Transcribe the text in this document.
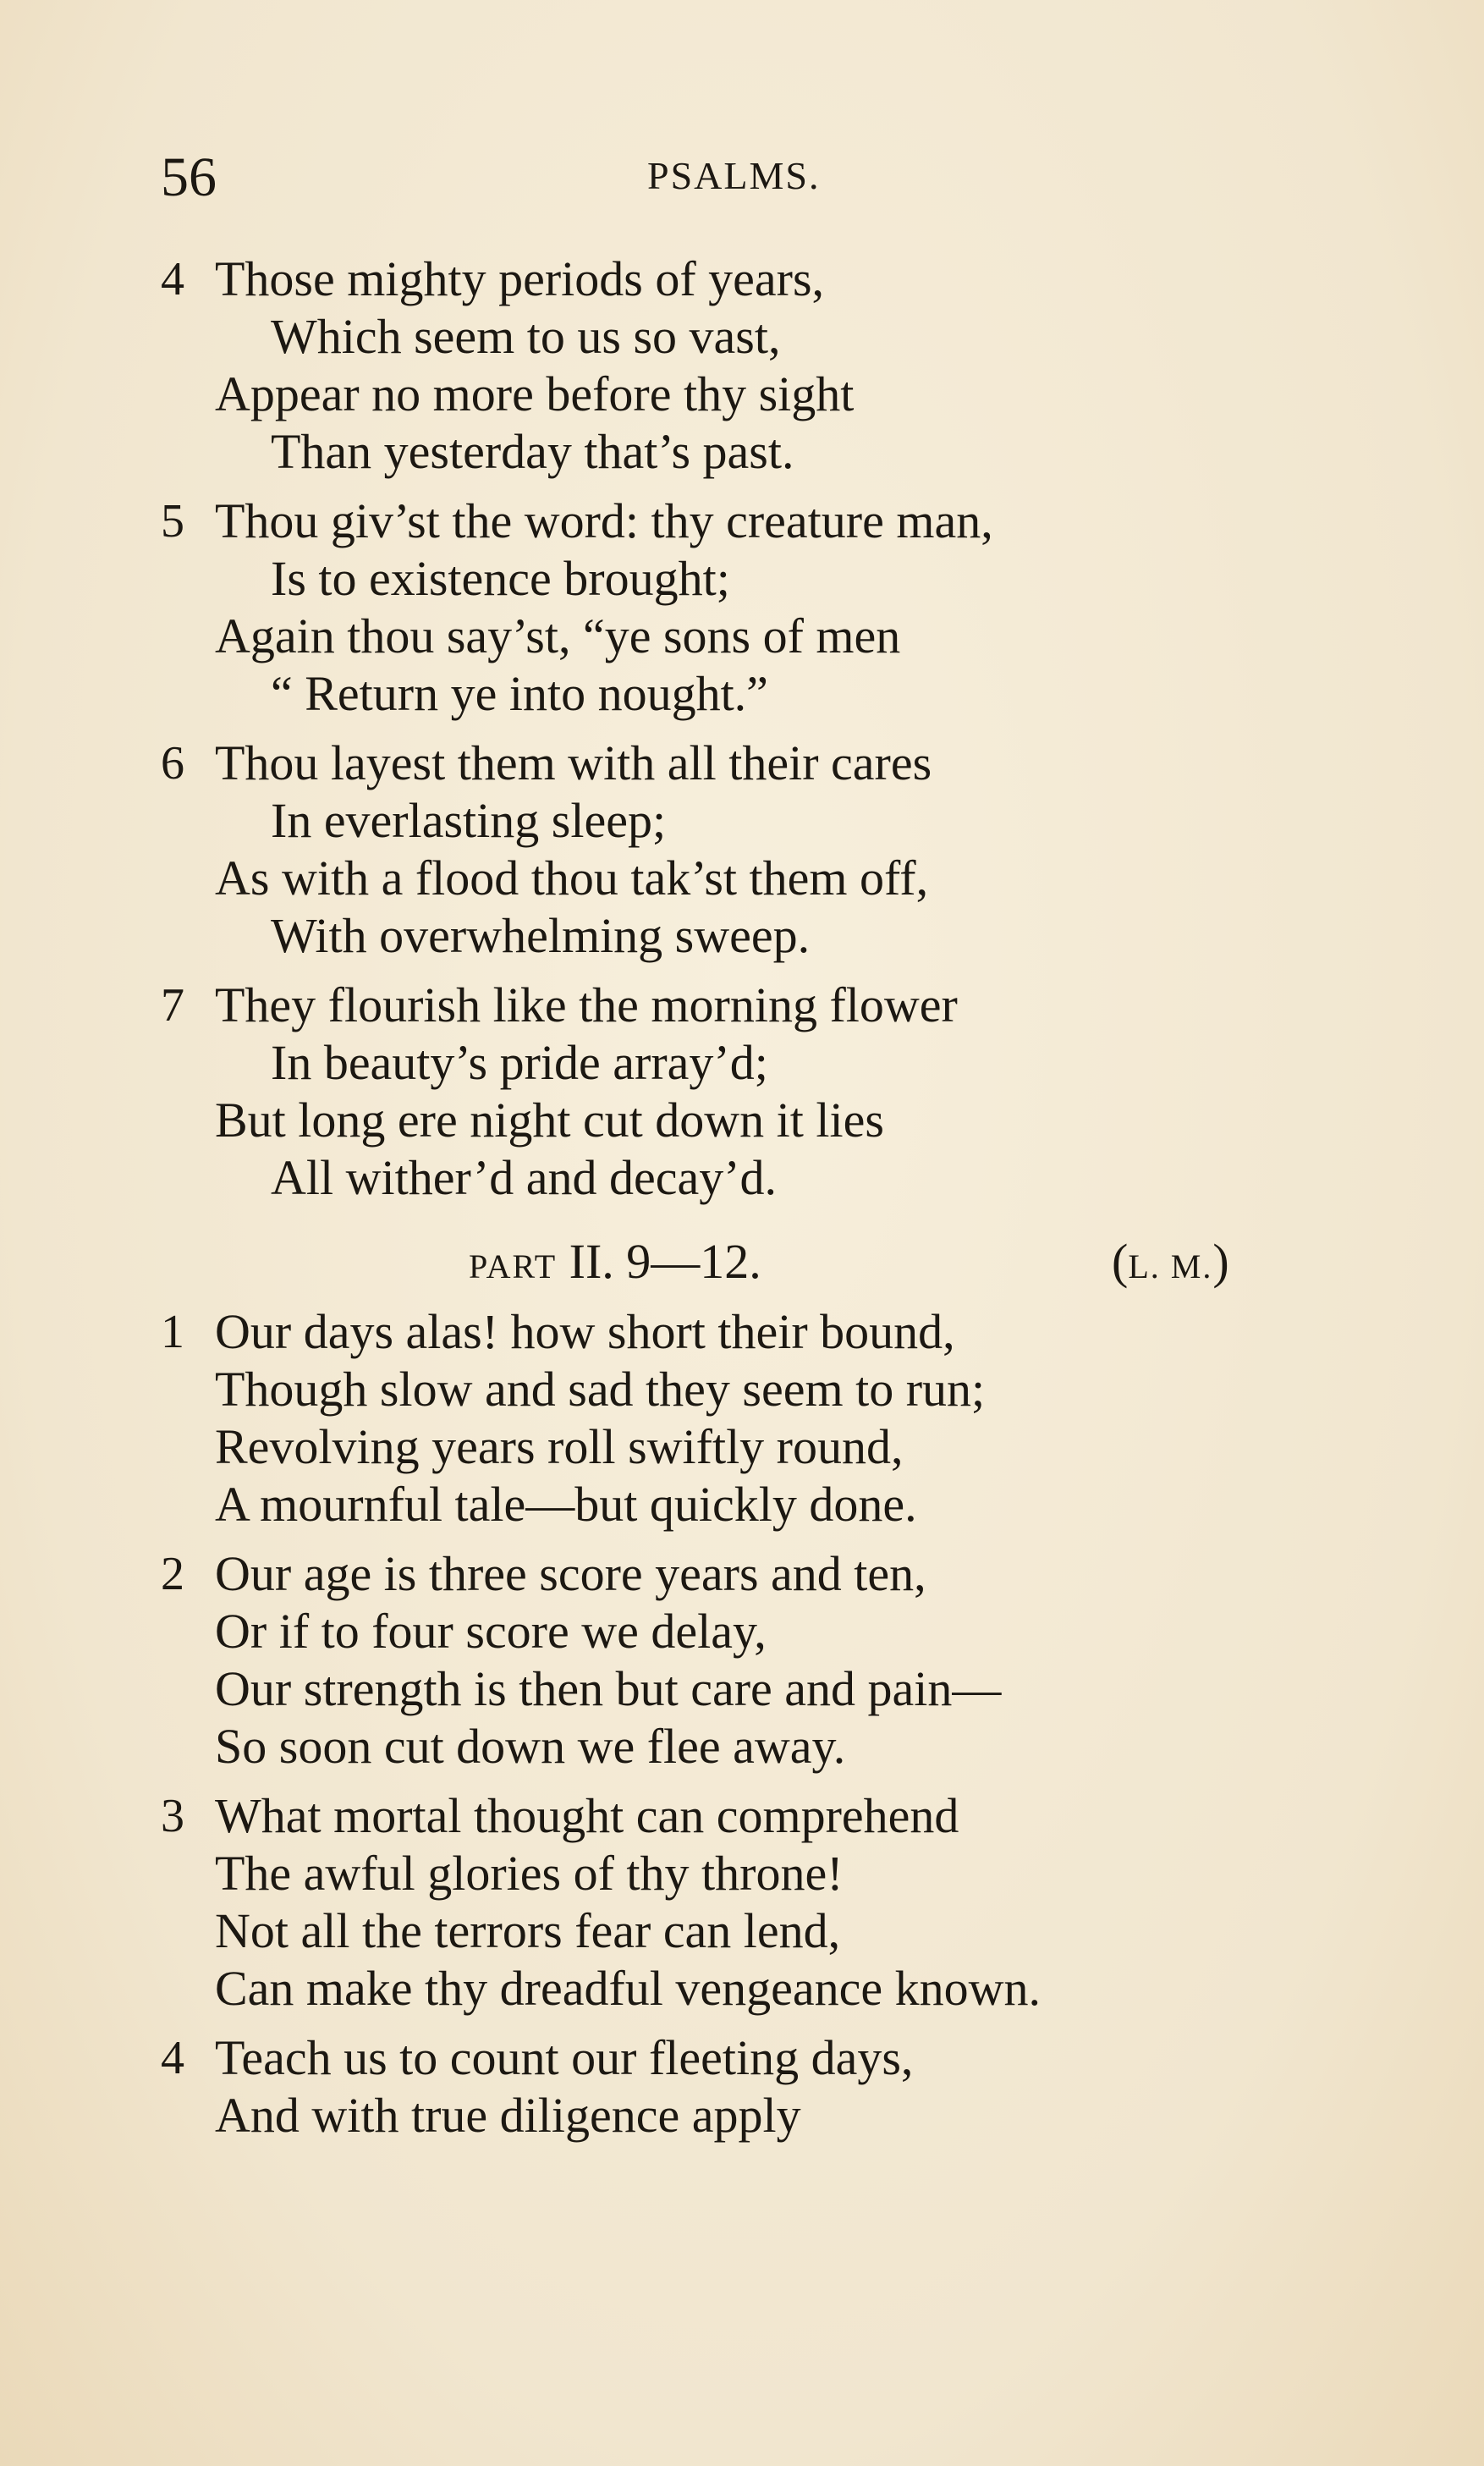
56	PSALMS.
4 Those mighty periods of years,
Which seem to us so vast,
Appear no more before thy sight
Than yesterday that’s past.
5 Thou giv’st the word: thy creature man,
Is to existence brought;
Again thou say’st, “ye sons of men
“ Return ye into nought.”
6 Thou layest them with all their cares
In everlasting sleep;
As with a flood thou tak’st them off,
With overwhelming sweep.
7 They flourish like the morning flower
In beauty’s pride array’d;
But long ere night cut down it lies
All wither’d and decay’d.
PART II. 9—12.	(L. M.)
1 Our days alas! how short their bound,
Though slow and sad they seem to run;
Revolving years roll swiftly round,
A mournful tale—but quickly done.
2 Our age is three score years and ten,
Or if to four score we delay,
Our strength is then but care and pain—
So soon cut down we flee away.
3 What mortal thought can comprehend
The awful glories of thy throne!
Not all the terrors fear can lend,
Can make thy dreadful vengeance known.
4 Teach us to count our fleeting days,
And with true diligence apply
